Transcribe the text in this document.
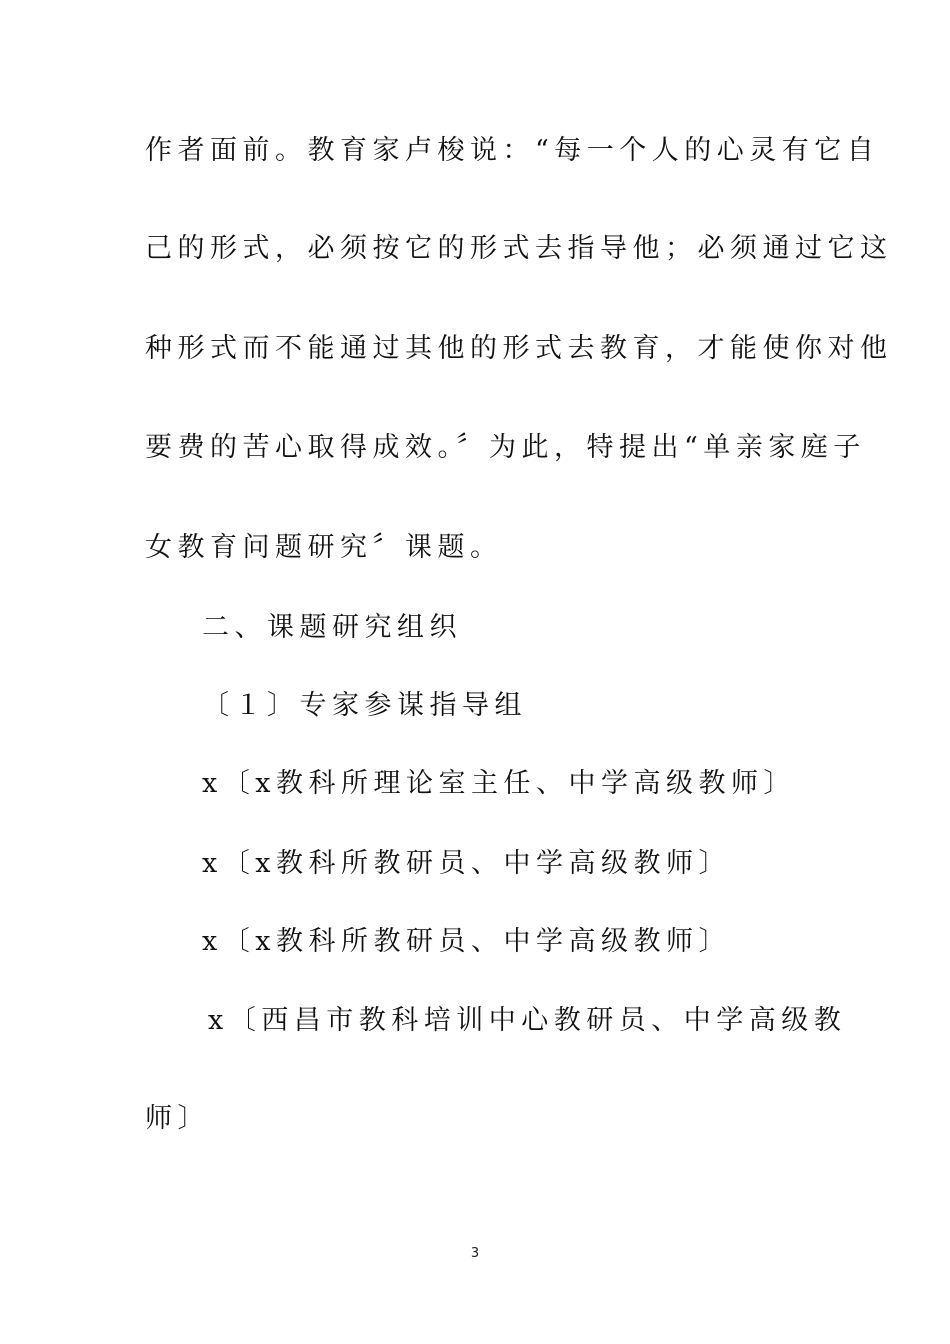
作者面前。教育家卢梭说：“每一个人的心灵有它自
己的形式，必须按它的形式去指导他；必须通过它这
种形式而不能通过其他的形式去教育，才能使你对他
要费的苦心取得成效。〞为此，特提出“单亲家庭子
女教育问题研究〞课题。
二、课题研究组织
〔１〕专家参谋指导组
x〔x教科所理论室主任、中学高级教师〕
x〔x教科所教研员、中学高级教师〕
x〔x教科所教研员、中学高级教师〕
x〔西昌市教科培训中心教研员、中学高级教
师〕
3
